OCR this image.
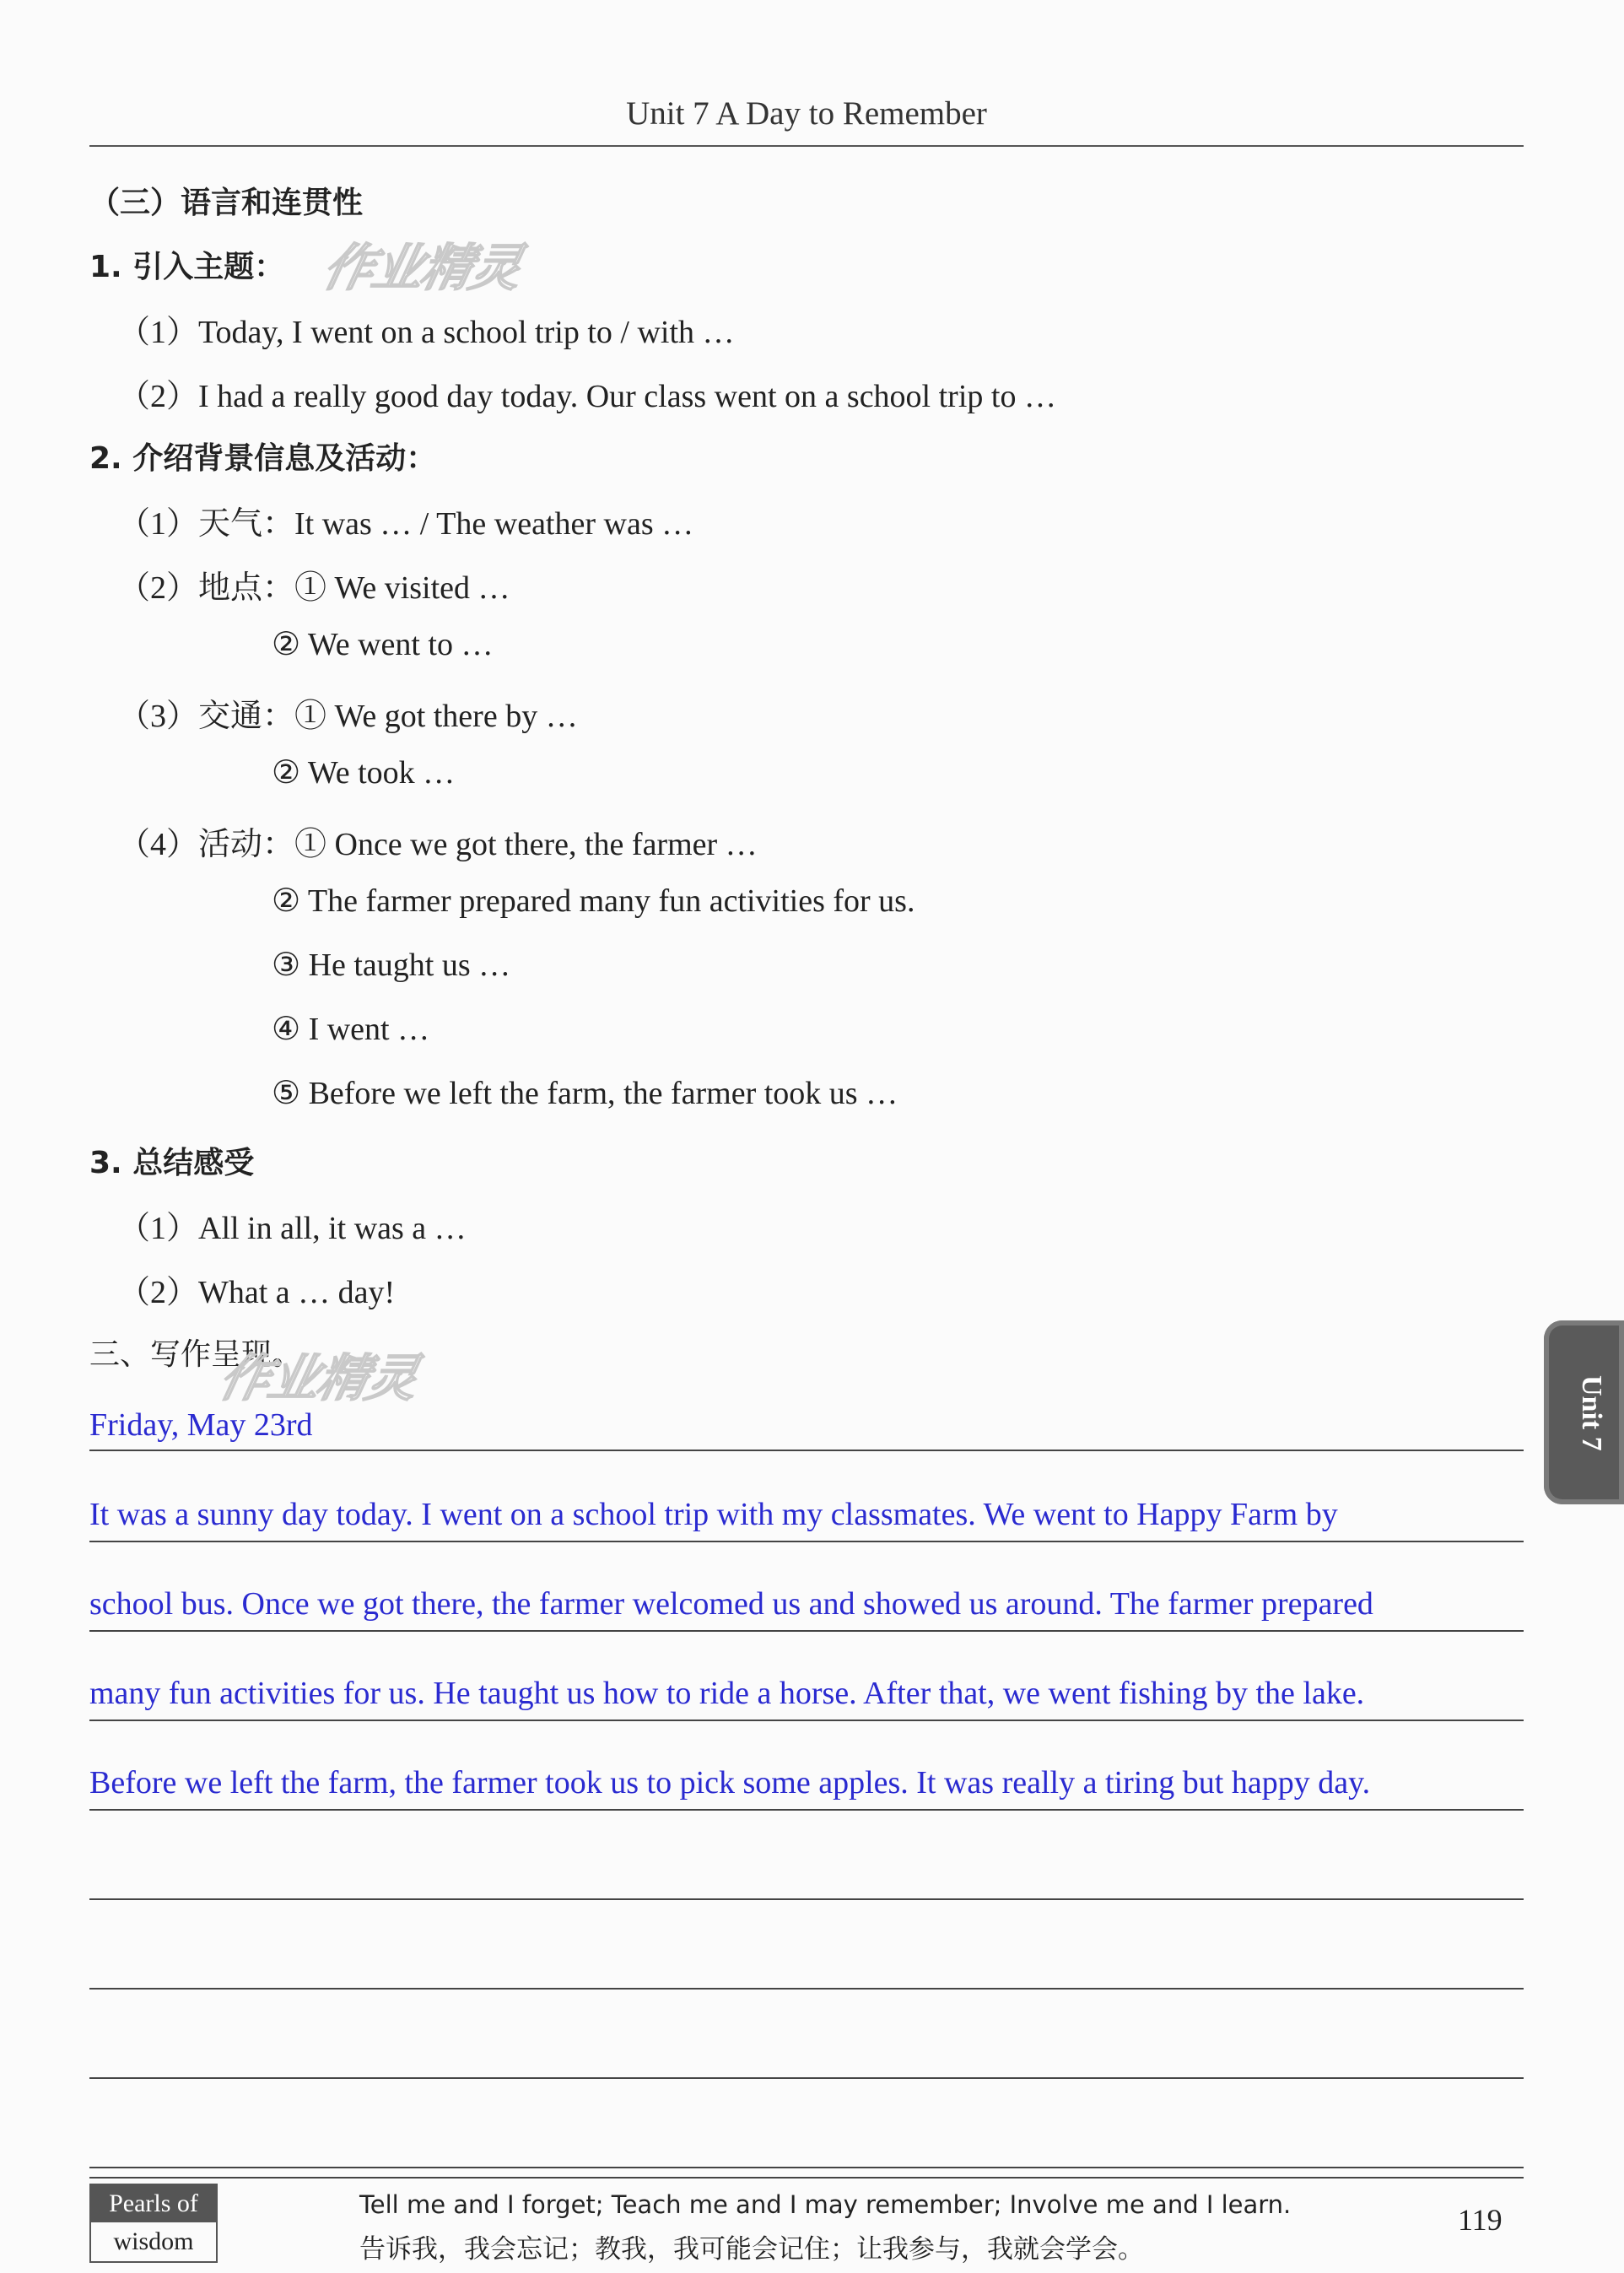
Unit 7 A Day to Remember
（三）语言和连贯性
1. 引入主题： 作业精灵
（1）Today, I went on a school trip to / with …
（2）I had a really good day today. Our class went on a school trip to …
2. 介绍背景信息及活动：
（1）天气：It was … / The weather was …
（2）地点：① We visited …
② We went to …
（3）交通：① We got there by …
② We took …
（4）活动：① Once we got there, the farmer …
② The farmer prepared many fun activities for us.
③ He taught us …
④ I went …
⑤ Before we left the farm, the farmer took us …
3. 总结感受
（1）All in all, it was a …
（2）What a … day!
三、写作呈现。
作业精灵
Friday, May 23rd
It was a sunny day today. I went on a school trip with my classmates. We went to Happy Farm by
school bus. Once we got there, the farmer welcomed us and showed us around. The farmer prepared
many fun activities for us. He taught us how to ride a horse. After that, we went fishing by the lake.
Before we left the farm, the farmer took us to pick some apples. It was really a tiring but happy day.
Unit 7
Pearls of
wisdom
Tell me and I forget; Teach me and I may remember; Involve me and I learn.
告诉我，我会忘记；教我，我可能会记住；让我参与，我就会学会。
119
